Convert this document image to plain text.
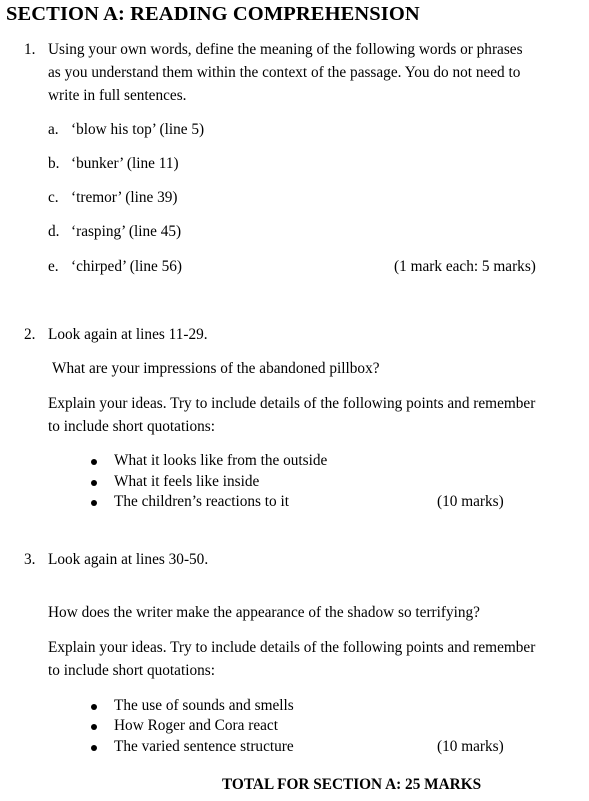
SECTION A: READING COMPREHENSION
1. Using your own words, define the meaning of the following words or phrases
as you understand them within the context of the passage. You do not need to
write in full sentences.
a. ‘blow his top’ (line 5)
b. ‘bunker’ (line 11)
c. ‘tremor’ (line 39)
d. ‘rasping’ (line 45)
e. ‘chirped’ (line 56)	(1 mark each: 5 marks)
2. Look again at lines 11-29.
What are your impressions of the abandoned pillbox?
Explain your ideas. Try to include details of the following points and remember
to include short quotations:
What it looks like from the outside
What it feels like inside
The children’s reactions to it	(10 marks)
3. Look again at lines 30-50.
How does the writer make the appearance of the shadow so terrifying?
Explain your ideas. Try to include details of the following points and remember
to include short quotations:
The use of sounds and smells
How Roger and Cora react
The varied sentence structure	(10 marks)
TOTAL FOR SECTION A: 25 MARKS
